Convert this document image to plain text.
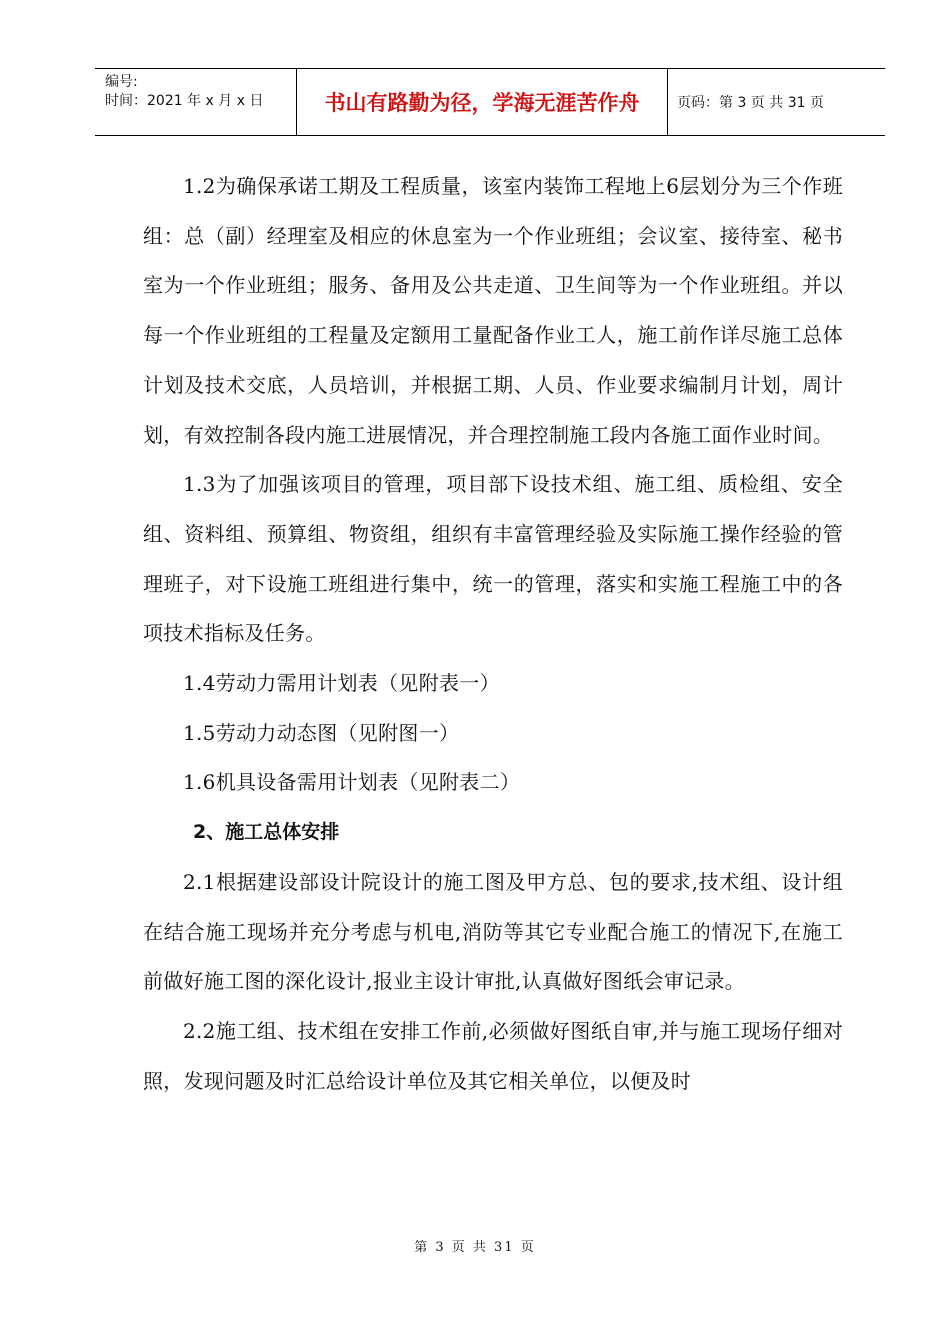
编号:
时间：2021 年 x 月 x 日	书山有路勤为径，学海无涯苦作舟	页码：第 3 页 共 31 页

1.2为确保承诺工期及工程质量，该室内装饰工程地上6层划分为三个作班组：总（副）经理室及相应的休息室为一个作业班组；会议室、接待室、秘书室为一个作业班组；服务、备用及公共走道、卫生间等为一个作业班组。并以每一个作业班组的工程量及定额用工量配备作业工人，施工前作详尽施工总体计划及技术交底，人员培训，并根据工期、人员、作业要求编制月计划，周计划，有效控制各段内施工进展情况，并合理控制施工段内各施工面作业时间。

1.3为了加强该项目的管理，项目部下设技术组、施工组、质检组、安全组、资料组、预算组、物资组，组织有丰富管理经验及实际施工操作经验的管理班子，对下设施工班组进行集中，统一的管理，落实和实施工程施工中的各项技术指标及任务。

1.4劳动力需用计划表（见附表一）

1.5劳动力动态图（见附图一）

1.6机具设备需用计划表（见附表二）

2、施工总体安排

2.1根据建设部设计院设计的施工图及甲方总、包的要求,技术组、设计组在结合施工现场并充分考虑与机电,消防等其它专业配合施工的情况下,在施工前做好施工图的深化设计,报业主设计审批,认真做好图纸会审记录。

2.2施工组、技术组在安排工作前,必须做好图纸自审,并与施工现场仔细对照，发现问题及时汇总给设计单位及其它相关单位，以便及时

第 3 页 共 31 页
